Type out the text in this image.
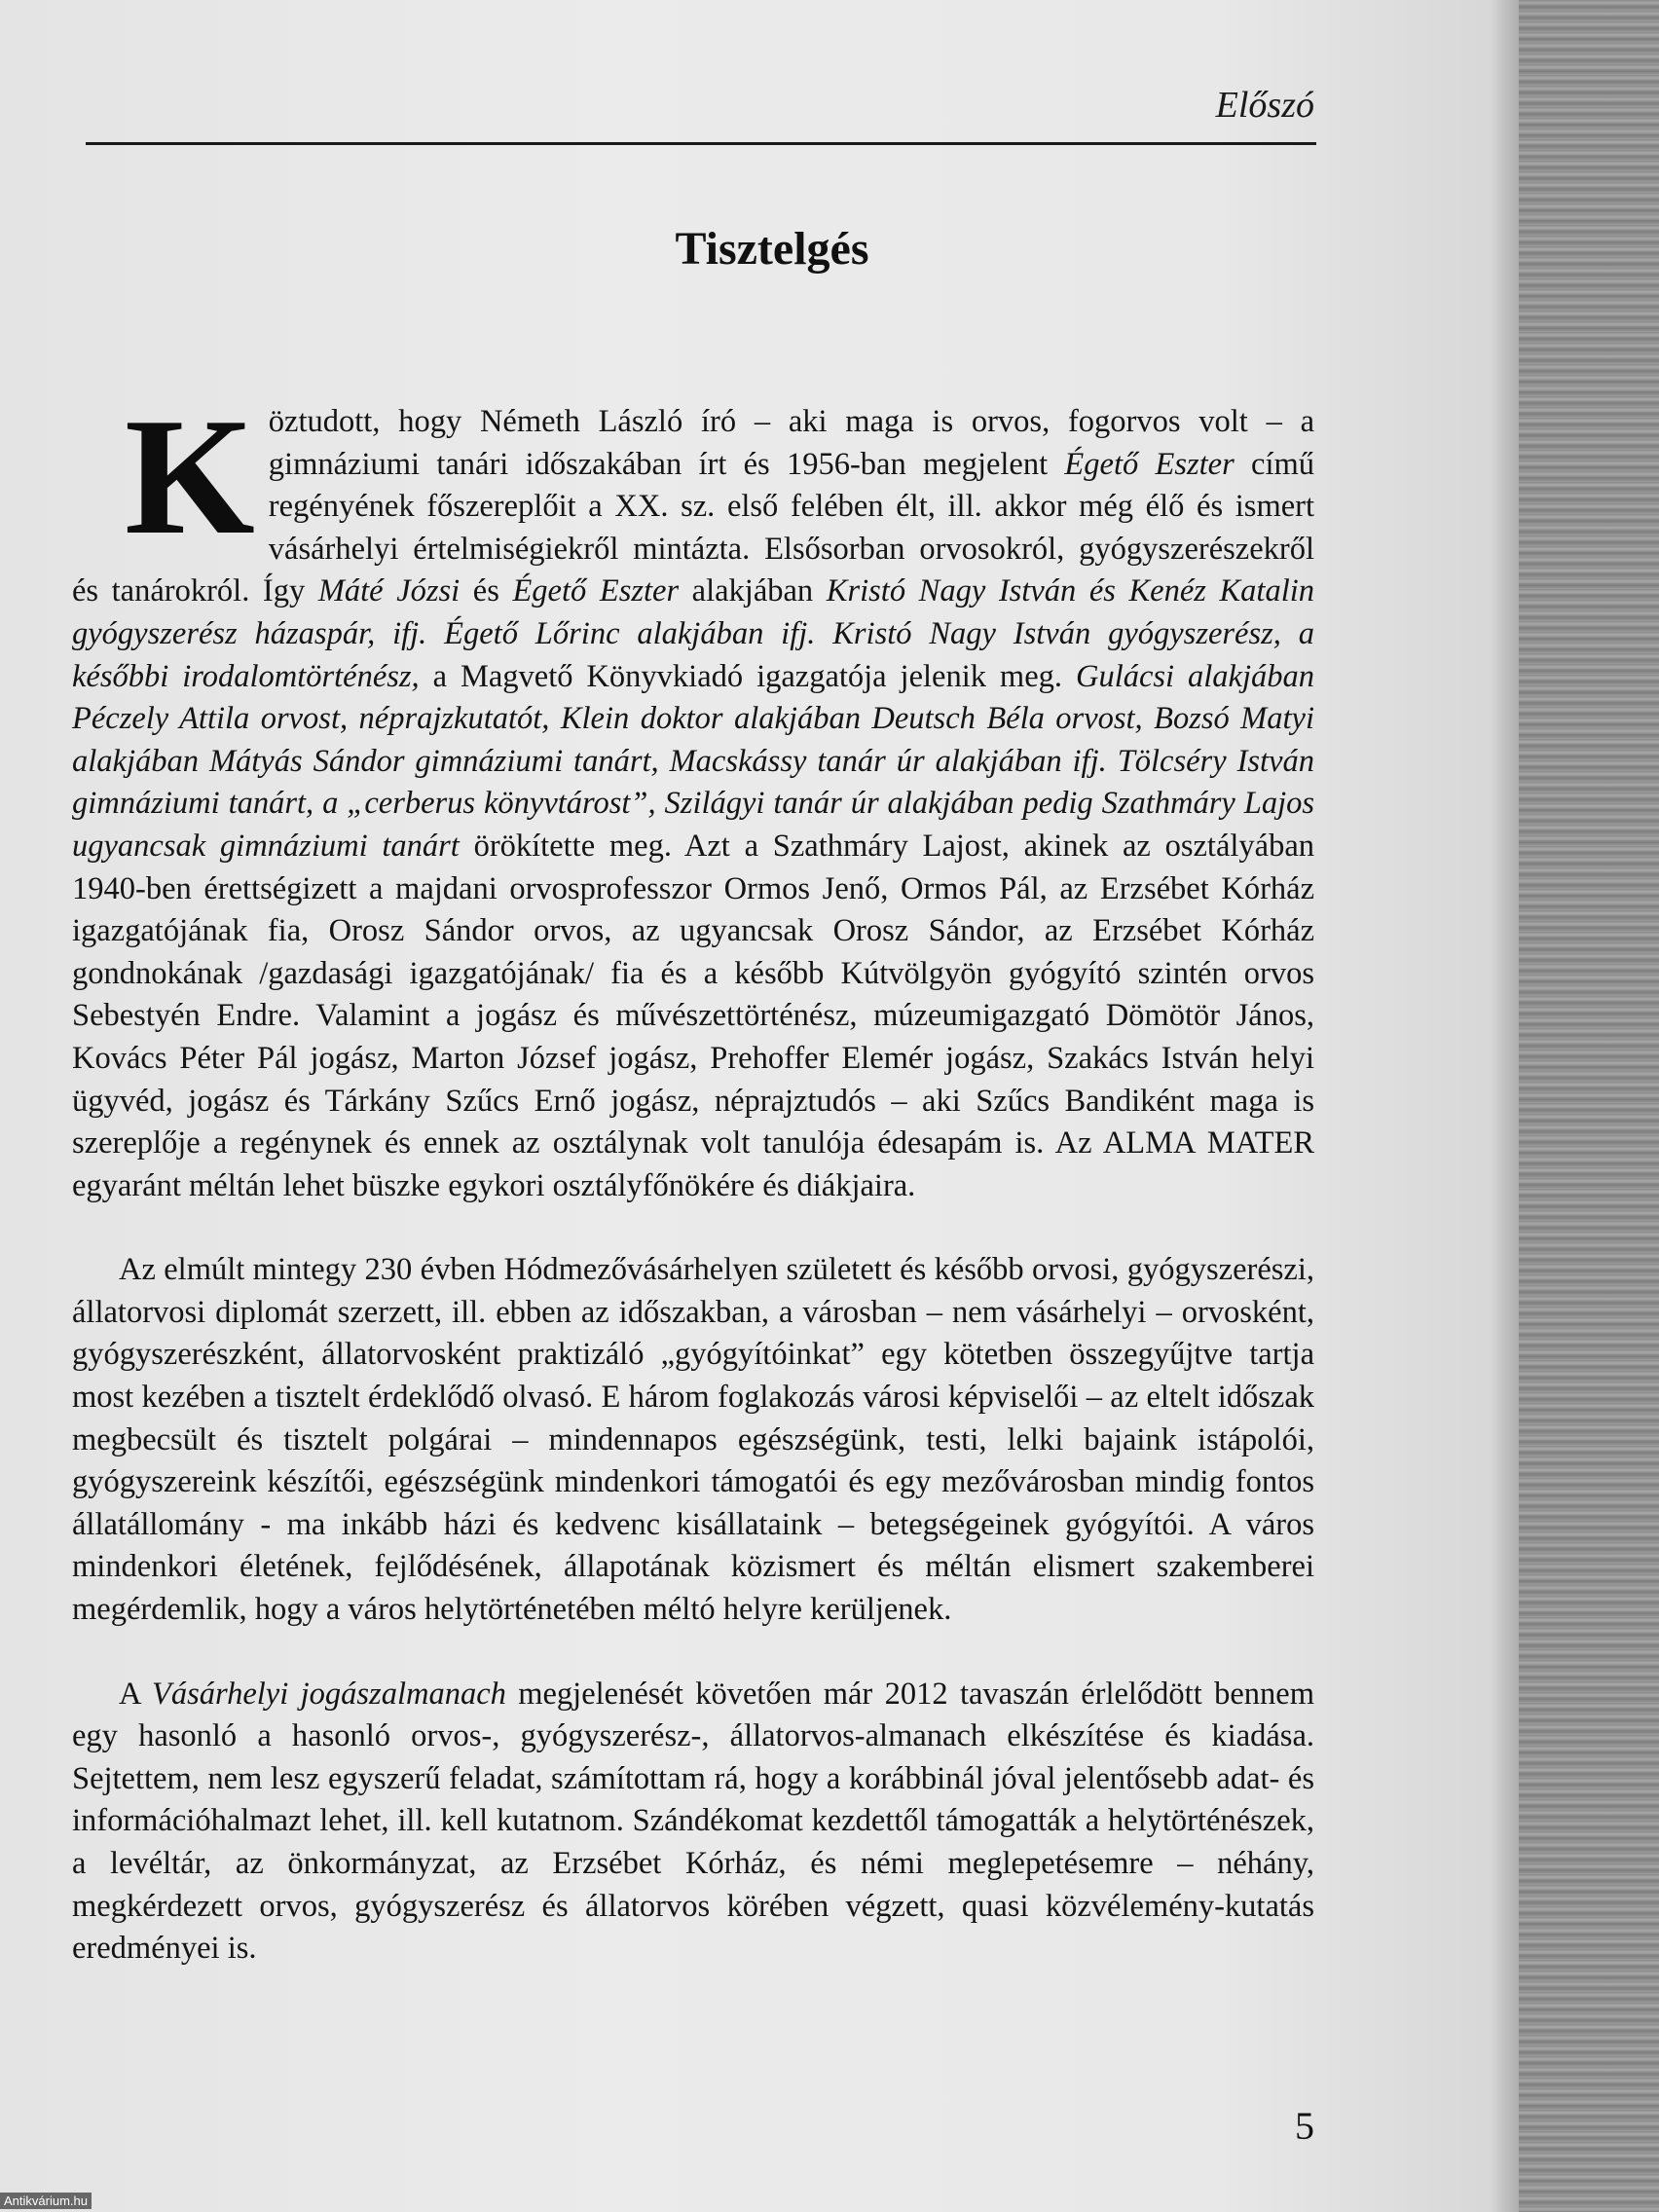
Előszó
Tisztelgés

Köztudott, hogy Németh László író – aki maga is orvos, fogorvos volt – a gimnáziumi tanári időszakában írt és 1956-ban megjelent Égető Eszter című regényének főszereplőit a XX. sz. első felében élt, ill. akkor még élő és ismert vásárhelyi értelmiségiekről mintázta. Elsősorban orvosokról, gyógyszerészekről és tanárokról. Így Máté Józsi és Égető Eszter alakjában Kristó Nagy István és Kenéz Katalin gyógyszerész házaspár, ifj. Égető Lőrinc alakjában ifj. Kristó Nagy István gyógyszerész, a későbbi irodalomtörténész, a Magvető Könyvkiadó igazgatója jelenik meg. Gulácsi alakjában Péczely Attila orvost, néprajzkutatót, Klein doktor alakjában Deutsch Béla orvost, Bozsó Matyi alakjában Mátyás Sándor gimnáziumi tanárt, Macskássy tanár úr alakjában ifj. Tölcséry István gimnáziumi tanárt, a „cerberus könyvtárost”, Szilágyi tanár úr alakjában pedig Szathmáry Lajos ugyancsak gimnáziumi tanárt örökítette meg. Azt a Szathmáry Lajost, akinek az osztályában 1940-ben érettségizett a majdani orvosprofesszor Ormos Jenő, Ormos Pál, az Erzsébet Kórház igazgatójának fia, Orosz Sándor orvos, az ugyancsak Orosz Sándor, az Erzsébet Kórház gondnokának /gazdasági igazgatójának/ fia és a később Kútvölgyön gyógyító szintén orvos Sebestyén Endre. Valamint a jogász és művészettörténész, múzeumigazgató Dömötör János, Kovács Péter Pál jogász, Marton József jogász, Prehoffer Elemér jogász, Szakács István helyi ügyvéd, jogász és Tárkány Szűcs Ernő jogász, néprajztudós – aki Szűcs Bandiként maga is szereplője a regénynek és ennek az osztálynak volt tanulója édesapám is. Az ALMA MATER egyaránt méltán lehet büszke egykori osztályfőnökére és diákjaira.

Az elmúlt mintegy 230 évben Hódmezővásárhelyen született és később orvosi, gyógyszerészi, állatorvosi diplomát szerzett, ill. ebben az időszakban, a városban – nem vásárhelyi – orvosként, gyógyszerészként, állatorvosként praktizáló „gyógyítóinkat” egy kötetben összegyűjtve tartja most kezében a tisztelt érdeklődő olvasó. E három foglakozás városi képviselői – az eltelt időszak megbecsült és tisztelt polgárai – mindennapos egészségünk, testi, lelki bajaink istápolói, gyógyszereink készítői, egészségünk mindenkori támogatói és egy mezővárosban mindig fontos állatállomány - ma inkább házi és kedvenc kisállataink – betegségeinek gyógyítói. A város mindenkori életének, fejlődésének, állapotának közismert és méltán elismert szakemberei megérdemlik, hogy a város helytörténetében méltó helyre kerüljenek.

A Vásárhelyi jogászalmanach megjelenését követően már 2012 tavaszán érlelődött bennem egy hasonló a hasonló orvos-, gyógyszerész-, állatorvos-almanach elkészítése és kiadása. Sejtettem, nem lesz egyszerű feladat, számítottam rá, hogy a korábbinál jóval jelentősebb adat- és információhalmazt lehet, ill. kell kutatnom. Szándékomat kezdettől támogatták a helytörténészek, a levéltár, az önkormányzat, az Erzsébet Kórház, és némi meglepetésemre – néhány, megkérdezett orvos, gyógyszerész és állatorvos körében végzett, quasi közvélemény-kutatás eredményei is.

5
Antikvárium.hu
